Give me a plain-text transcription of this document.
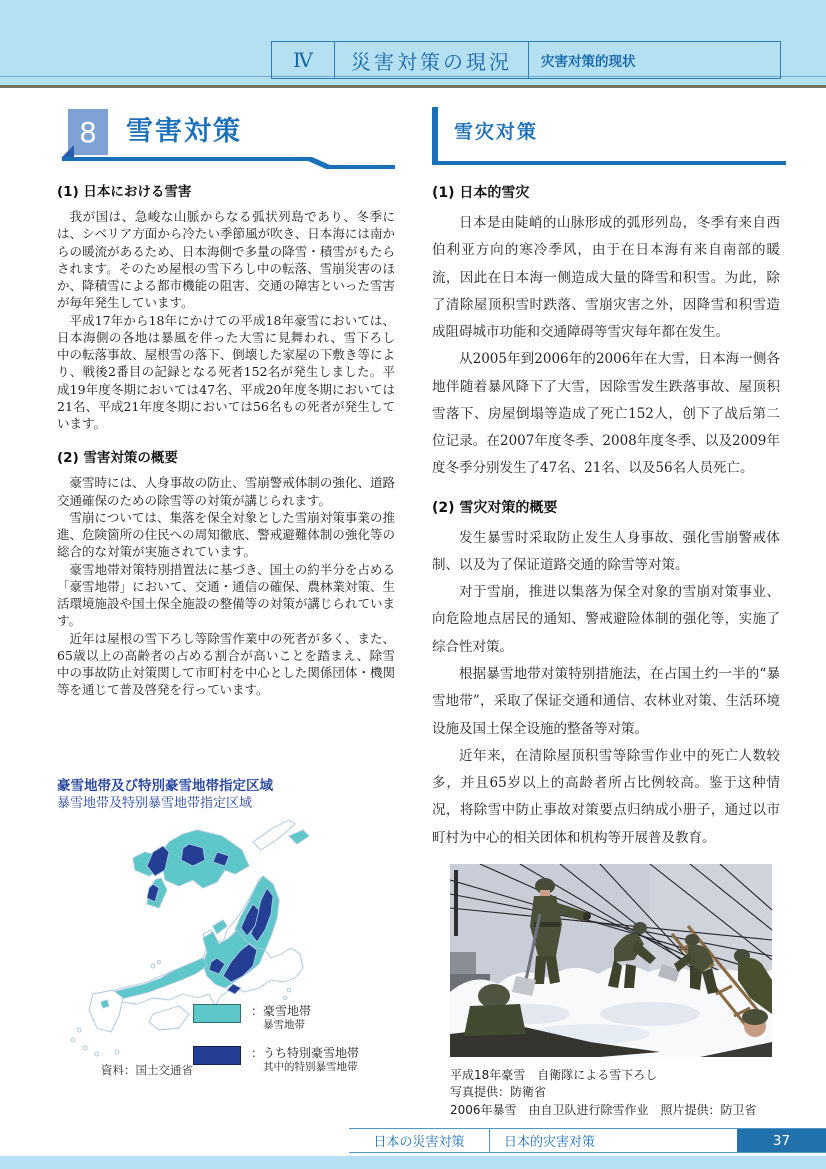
Ⅳ	災害対策の現況	灾害对策的现状
8 雪害対策	雪灾对策
(1) 日本における雪害

我が国は、急峻な山脈からなる弧状列島であり、冬季には、シベリア方面から冷たい季節風が吹き、日本海には南からの暖流があるため、日本海側で多量の降雪・積雪がもたらされます。そのため屋根の雪下ろし中の転落、雪崩災害のほか、降積雪による都市機能の阻害、交通の障害といった雪害が毎年発生しています。

平成17年から18年にかけての平成18年豪雪においては、日本海側の各地は暴風を伴った大雪に見舞われ、雪下ろし中の転落事故、屋根雪の落下、倒壊した家屋の下敷き等により、戦後2番目の記録となる死者152名が発生しました。平成19年度冬期においては47名、平成20年度冬期においては21名、平成21年度冬期においては56名もの死者が発生しています。

(2) 雪害対策の概要

豪雪時には、人身事故の防止、雪崩警戒体制の強化、道路交通確保のための除雪等の対策が講じられます。

雪崩については、集落を保全対象とした雪崩対策事業の推進、危険箇所の住民への周知徹底、警戒避難体制の強化等の総合的な対策が実施されています。

豪雪地帯対策特別措置法に基づき、国土の約半分を占める「豪雪地帯」において、交通・通信の確保、農林業対策、生活環境施設や国土保全施設の整備等の対策が講じられています。

近年は屋根の雪下ろし等除雪作業中の死者が多く、また、65歳以上の高齢者の占める割合が高いことを踏まえ、除雪中の事故防止対策関して市町村を中心とした関係団体・機関等を通じて普及啓発を行っています。

(1) 日本的雪灾

日本是由陡峭的山脉形成的弧形列岛，冬季有来自西伯利亚方向的寒冷季风，由于在日本海有来自南部的暖流，因此在日本海一侧造成大量的降雪和积雪。为此，除了清除屋顶积雪时跌落、雪崩灾害之外，因降雪和积雪造成阻碍城市功能和交通障碍等雪灾每年都在发生。

从2005年到2006年的2006年在大雪，日本海一侧各地伴随着暴风降下了大雪，因除雪发生跌落事故、屋顶积雪落下、房屋倒塌等造成了死亡152人，创下了战后第二位记录。在2007年度冬季、2008年度冬季、以及2009年度冬季分别发生了47名、21名、以及56名人员死亡。

(2) 雪灾对策的概要

发生暴雪时采取防止发生人身事故、强化雪崩警戒体制、以及为了保证道路交通的除雪等对策。

对于雪崩，推进以集落为保全对象的雪崩对策事业、向危险地点居民的通知、警戒避险体制的强化等，实施了综合性对策。

根据暴雪地带对策特别措施法，在占国土约一半的“暴雪地带”，采取了保证交通和通信、农林业对策、生活环境设施及国土保全设施的整备等对策。

近年来，在清除屋顶积雪等除雪作业中的死亡人数较多，并且65岁以上的高龄者所占比例较高。鉴于这种情况，将除雪中防止事故对策要点归纳成小册子，通过以市町村为中心的相关团体和机构等开展普及教育。

豪雪地帯及び特別豪雪地帯指定区域
暴雪地带及特别暴雪地带指定区域
：豪雪地帯
暴雪地带
：うち特別豪雪地帯
其中的特别暴雪地带
資料：国土交通省	平成18年豪雪　自衛隊による雪下ろし
写真提供：防衛省
2006年暴雪　由自卫队进行除雪作业　照片提供：防卫省
日本の災害対策	日本的灾害对策	37
